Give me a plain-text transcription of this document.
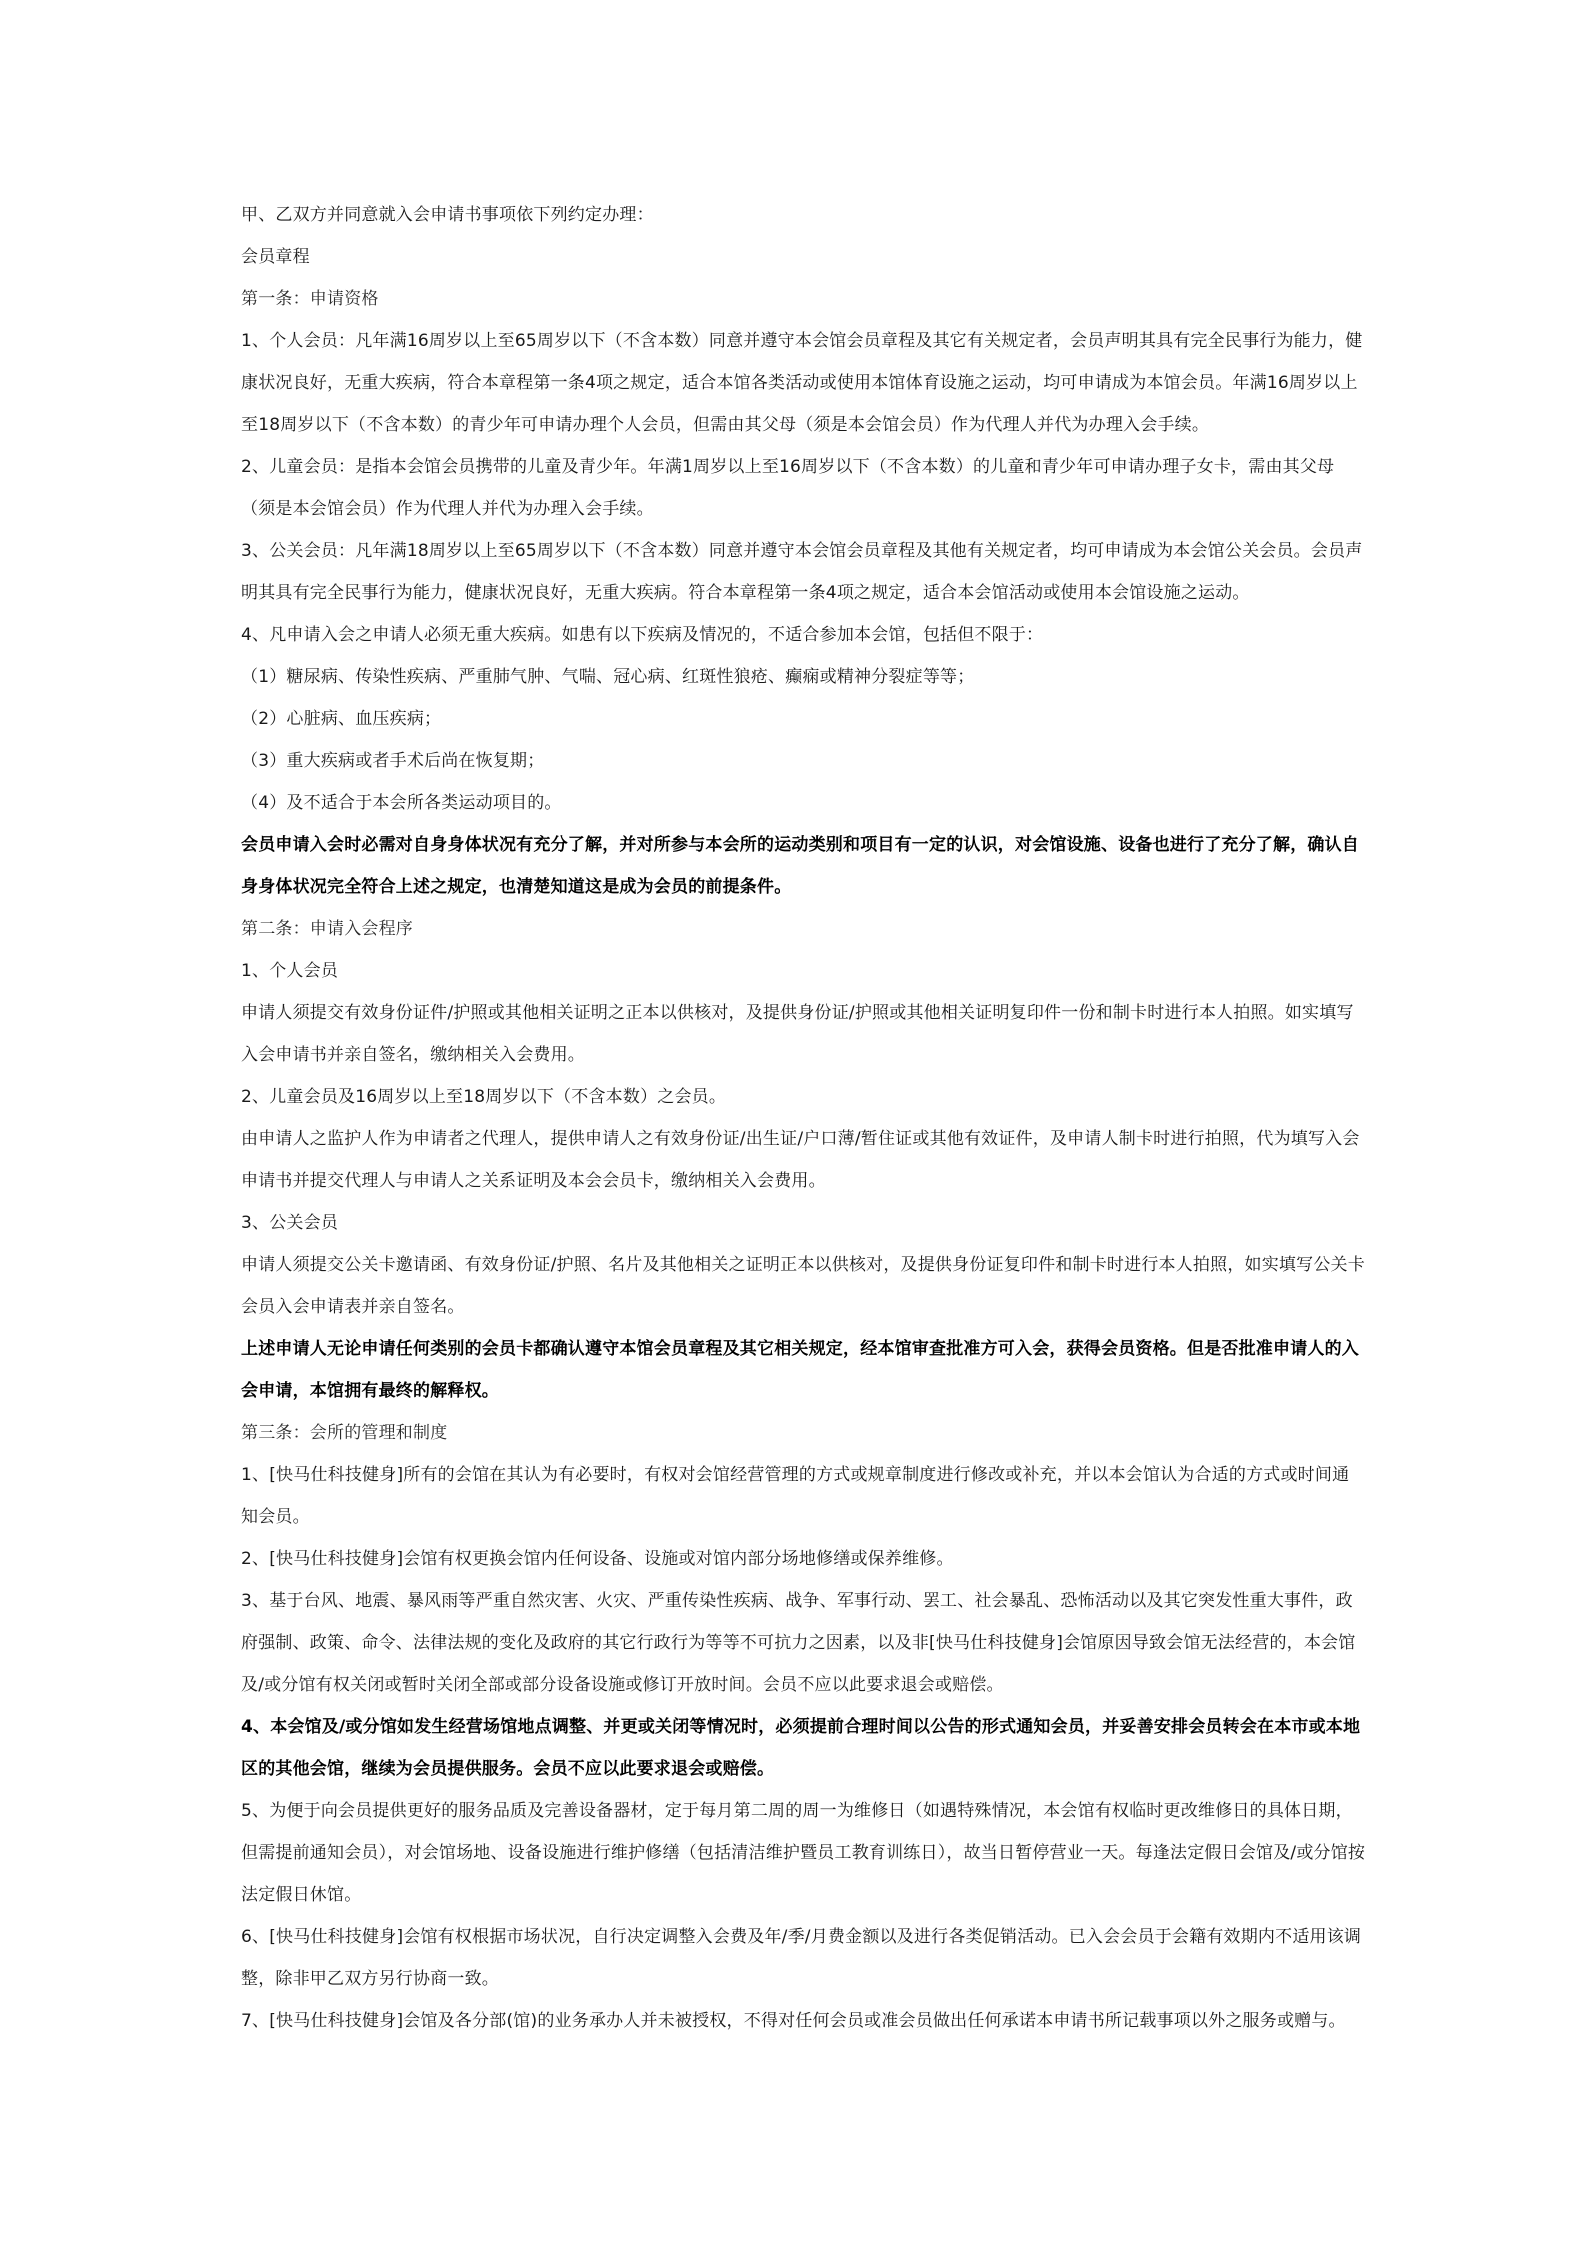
甲、乙双方并同意就入会申请书事项依下列约定办理：

会员章程

第一条：申请资格

1、个人会员：凡年满16周岁以上至65周岁以下（不含本数）同意并遵守本会馆会员章程及其它有关规定者，会员声明其具有完全民事行为能力，健康状况良好，无重大疾病，符合本章程第一条4项之规定，适合本馆各类活动或使用本馆体育设施之运动，均可申请成为本馆会员。年满16周岁以上至18周岁以下（不含本数）的青少年可申请办理个人会员，但需由其父母（须是本会馆会员）作为代理人并代为办理入会手续。

2、儿童会员：是指本会馆会员携带的儿童及青少年。年满1周岁以上至16周岁以下（不含本数）的儿童和青少年可申请办理子女卡，需由其父母（须是本会馆会员）作为代理人并代为办理入会手续。

3、公关会员：凡年满18周岁以上至65周岁以下（不含本数）同意并遵守本会馆会员章程及其他有关规定者，均可申请成为本会馆公关会员。会员声明其具有完全民事行为能力，健康状况良好，无重大疾病。符合本章程第一条4项之规定，适合本会馆活动或使用本会馆设施之运动。

4、凡申请入会之申请人必须无重大疾病。如患有以下疾病及情况的，不适合参加本会馆，包括但不限于：

（1）糖尿病、传染性疾病、严重肺气肿、气喘、冠心病、红斑性狼疮、癫痫或精神分裂症等等；

（2）心脏病、血压疾病；

（3）重大疾病或者手术后尚在恢复期；

（4）及不适合于本会所各类运动项目的。

会员申请入会时必需对自身身体状况有充分了解，并对所参与本会所的运动类别和项目有一定的认识，对会馆设施、设备也进行了充分了解，确认自身身体状况完全符合上述之规定，也清楚知道这是成为会员的前提条件。

第二条：申请入会程序

1、个人会员

申请人须提交有效身份证件/护照或其他相关证明之正本以供核对，及提供身份证/护照或其他相关证明复印件一份和制卡时进行本人拍照。如实填写入会申请书并亲自签名，缴纳相关入会费用。

2、儿童会员及16周岁以上至18周岁以下（不含本数）之会员。

由申请人之监护人作为申请者之代理人，提供申请人之有效身份证/出生证/户口薄/暂住证或其他有效证件，及申请人制卡时进行拍照，代为填写入会申请书并提交代理人与申请人之关系证明及本会会员卡，缴纳相关入会费用。

3、公关会员

申请人须提交公关卡邀请函、有效身份证/护照、名片及其他相关之证明正本以供核对，及提供身份证复印件和制卡时进行本人拍照，如实填写公关卡会员入会申请表并亲自签名。

上述申请人无论申请任何类别的会员卡都确认遵守本馆会员章程及其它相关规定，经本馆审查批准方可入会，获得会员资格。但是否批准申请人的入会申请，本馆拥有最终的解释权。

第三条：会所的管理和制度

1、[快马仕科技健身]所有的会馆在其认为有必要时，有权对会馆经营管理的方式或规章制度进行修改或补充，并以本会馆认为合适的方式或时间通知会员。

2、[快马仕科技健身]会馆有权更换会馆内任何设备、设施或对馆内部分场地修缮或保养维修。

3、基于台风、地震、暴风雨等严重自然灾害、火灾、严重传染性疾病、战争、军事行动、罢工、社会暴乱、恐怖活动以及其它突发性重大事件，政府强制、政策、命令、法律法规的变化及政府的其它行政行为等等不可抗力之因素，以及非[快马仕科技健身]会馆原因导致会馆无法经营的，本会馆及/或分馆有权关闭或暂时关闭全部或部分设备设施或修订开放时间。会员不应以此要求退会或赔偿。

4、本会馆及/或分馆如发生经营场馆地点调整、并更或关闭等情况时，必须提前合理时间以公告的形式通知会员，并妥善安排会员转会在本市或本地区的其他会馆，继续为会员提供服务。会员不应以此要求退会或赔偿。

5、为便于向会员提供更好的服务品质及完善设备器材，定于每月第二周的周一为维修日（如遇特殊情况，本会馆有权临时更改维修日的具体日期，但需提前通知会员），对会馆场地、设备设施进行维护修缮（包括清洁维护暨员工教育训练日），故当日暂停营业一天。每逢法定假日会馆及/或分馆按法定假日休馆。

6、[快马仕科技健身]会馆有权根据市场状况，自行决定调整入会费及年/季/月费金额以及进行各类促销活动。已入会会员于会籍有效期内不适用该调整，除非甲乙双方另行协商一致。

7、[快马仕科技健身]会馆及各分部(馆)的业务承办人并未被授权，不得对任何会员或准会员做出任何承诺本申请书所记载事项以外之服务或赠与。
